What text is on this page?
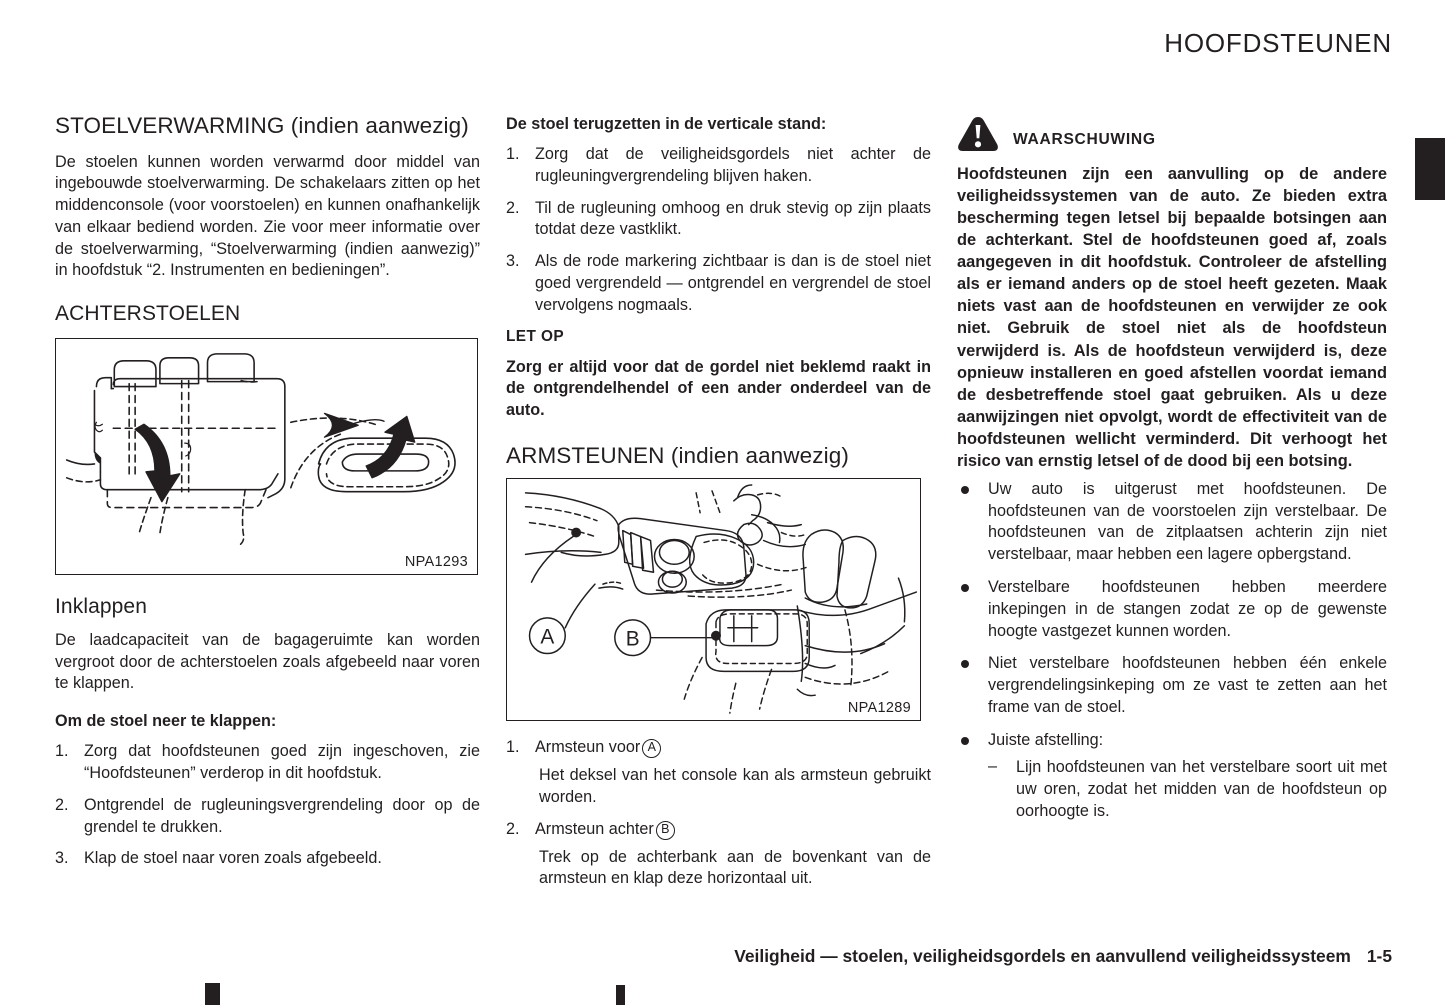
HOOFDSTEUNEN
STOELVERWARMING (indien aanwezig)

De stoelen kunnen worden verwarmd door middel van ingebouwde stoelverwarming. De schakelaars zitten op het middenconsole (voor voorstoelen) en kunnen onafhankelijk van elkaar bediend worden. Zie voor meer informatie over de stoelverwarming, “Stoelverwarming (indien aanwezig)” in hoofdstuk “2. Instrumenten en bedieningen”.

ACHTERSTOELEN
NPA1293
Inklappen

De laadcapaciteit van de bagageruimte kan worden vergroot door de achterstoelen zoals afgebeeld naar voren te klappen.

Om de stoel neer te klappen:
1. Zorg dat hoofdsteunen goed zijn ingeschoven, zie “Hoofdsteunen” verderop in dit hoofdstuk.
2. Ontgrendel de rugleuningsvergrendeling door op de grendel te drukken.
3. Klap de stoel naar voren zoals afgebeeld.
De stoel terugzetten in de verticale stand:
1. Zorg dat de veiligheidsgordels niet achter de rugleuningvergrendeling blijven haken.
2. Til de rugleuning omhoog en druk stevig op zijn plaats totdat deze vastklikt.
3. Als de rode markering zichtbaar is dan is de stoel niet goed vergrendeld — ontgrendel en vergrendel de stoel vervolgens nogmaals.
LET OP

Zorg er altijd voor dat de gordel niet beklemd raakt in de ontgrendelhendel of een ander onderdeel van de auto.

ARMSTEUNEN (indien aanwezig)
A	B
NPA1289
1. Armsteun voor A
Het deksel van het console kan als armsteun gebruikt worden.
2. Armsteun achter B
Trek op de achterbank aan de bovenkant van de armsteun en klap deze horizontaal uit.
WAARSCHUWING

Hoofdsteunen zijn een aanvulling op de andere veiligheidssystemen van de auto. Ze bieden extra bescherming tegen letsel bij bepaalde botsingen aan de achterkant. Stel de hoofdsteunen goed af, zoals aangegeven in dit hoofdstuk. Controleer de afstelling als er iemand anders op de stoel heeft gezeten. Maak niets vast aan de hoofdsteunen en verwijder ze ook niet. Gebruik de stoel niet als de hoofdsteun verwijderd is. Als de hoofdsteun verwijderd is, deze opnieuw installeren en goed afstellen voordat iemand de desbetreffende stoel gaat gebruiken. Als u deze aanwijzingen niet opvolgt, wordt de effectiviteit van de hoofdsteunen wellicht verminderd. Dit verhoogt het risico van ernstig letsel of de dood bij een botsing.

Uw auto is uitgerust met hoofdsteunen. De hoofdsteunen van de voorstoelen zijn verstelbaar. De hoofdsteunen van de zitplaatsen achterin zijn niet verstelbaar, maar hebben een lagere opbergstand.
Verstelbare hoofdsteunen hebben meerdere inkepingen in de stangen zodat ze op de gewenste hoogte vastgezet kunnen worden.
Niet verstelbare hoofdsteunen hebben één enkele vergrendelingsinkeping om ze vast te zetten aan het frame van de stoel.
Juiste afstelling:
– Lijn hoofdsteunen van het verstelbare soort uit met uw oren, zodat het midden van de hoofdsteun op oorhoogte is.
Veiligheid — stoelen, veiligheidsgordels en aanvullend veiligheidssysteem 1-5
